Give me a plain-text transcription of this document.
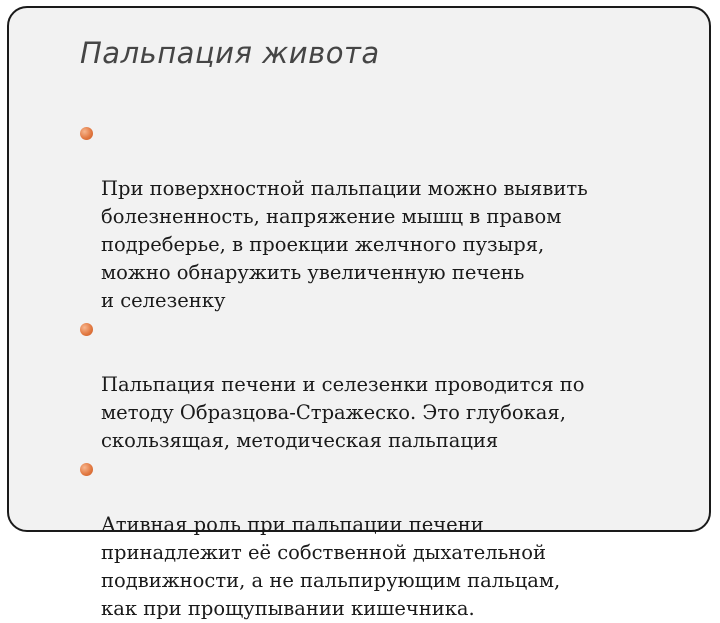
Пальпация живота

При поверхностной пальпации можно выявить
болезненность, напряжение мышц в правом
подреберье, в проекции желчного пузыря,
можно обнаружить увеличенную печень
и селезенку

Пальпация печени и селезенки проводится по
методу Образцова-Стражеско. Это глубокая,
скользящая, методическая пальпация

Ативная роль при пальпации печени
принадлежит её собственной дыхательной
подвижности, а не пальпирующим пальцам,
как при прощупывании кишечника.
